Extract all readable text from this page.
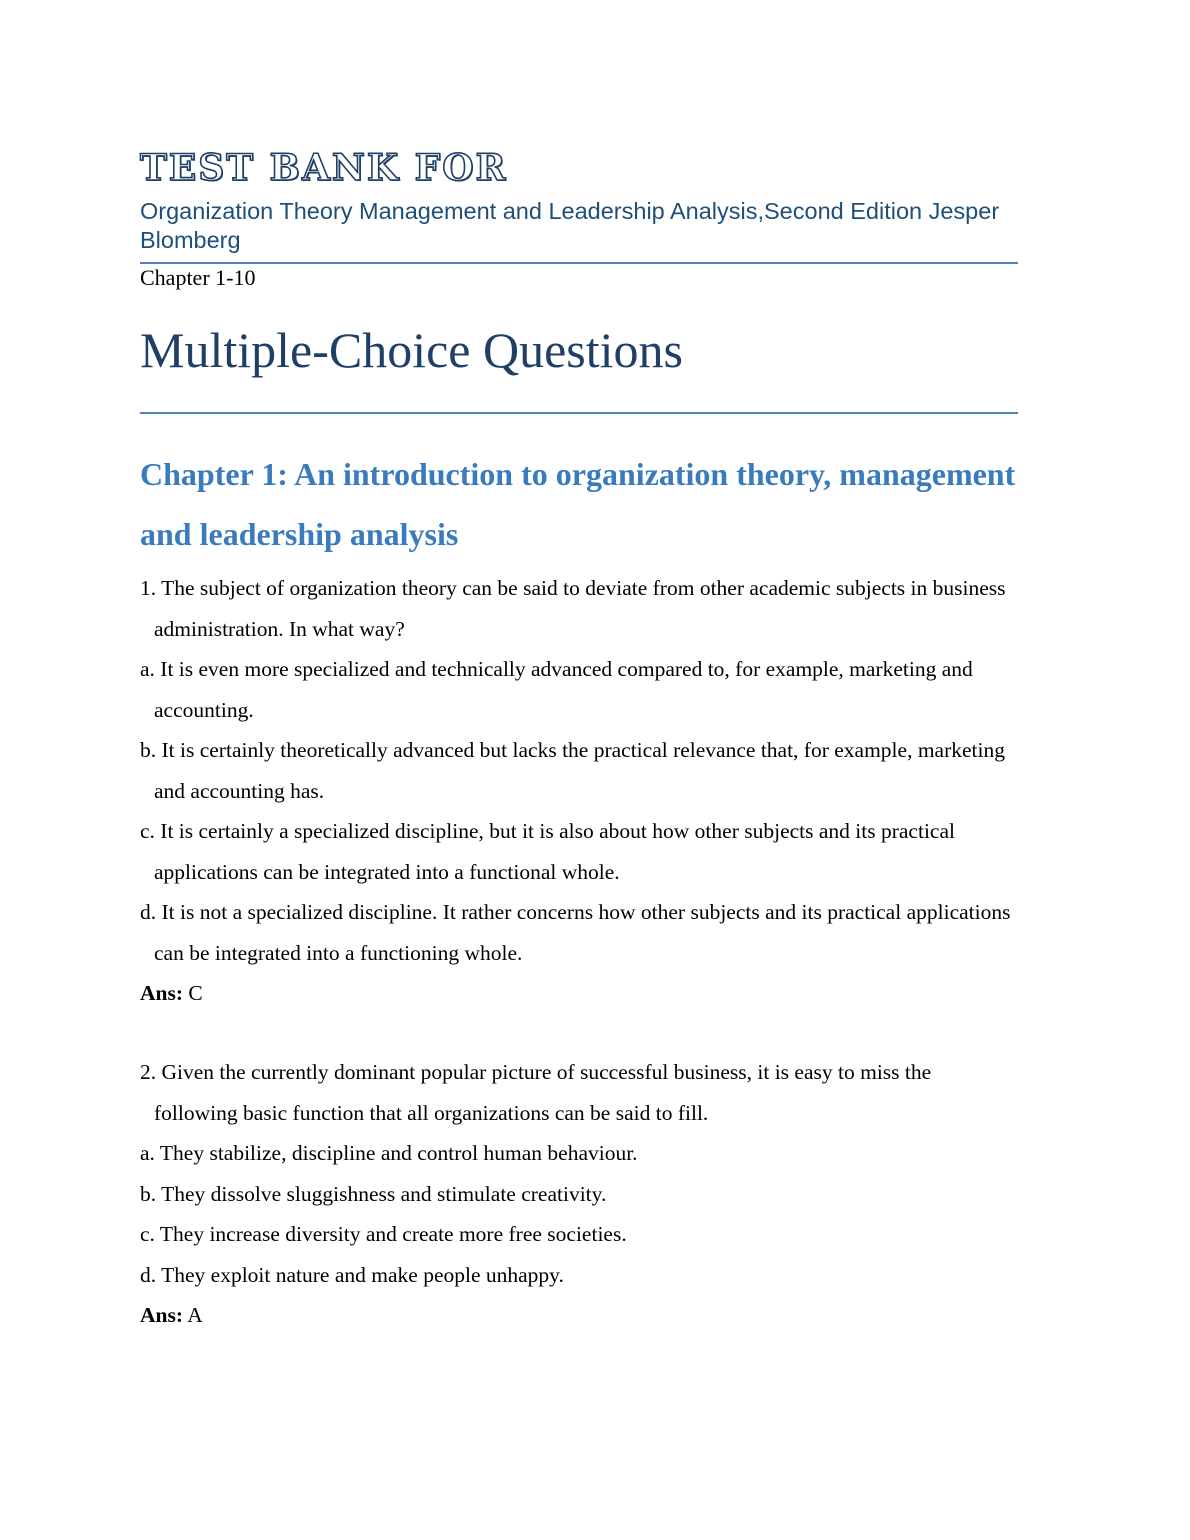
TEST BANK FOR
Organization Theory Management and Leadership Analysis,Second Edition Jesper Blomberg
Chapter 1-10
Multiple-Choice Questions
Chapter 1: An introduction to organization theory, management and leadership analysis
1. The subject of organization theory can be said to deviate from other academic subjects in business administration. In what way?
a. It is even more specialized and technically advanced compared to, for example, marketing and accounting.
b. It is certainly theoretically advanced but lacks the practical relevance that, for example, marketing and accounting has.
c. It is certainly a specialized discipline, but it is also about how other subjects and its practical applications can be integrated into a functional whole.
d. It is not a specialized discipline. It rather concerns how other subjects and its practical applications can be integrated into a functioning whole.
Ans: C
2. Given the currently dominant popular picture of successful business, it is easy to miss the following basic function that all organizations can be said to fill.
a. They stabilize, discipline and control human behaviour.
b. They dissolve sluggishness and stimulate creativity.
c. They increase diversity and create more free societies.
d. They exploit nature and make people unhappy.
Ans: A
